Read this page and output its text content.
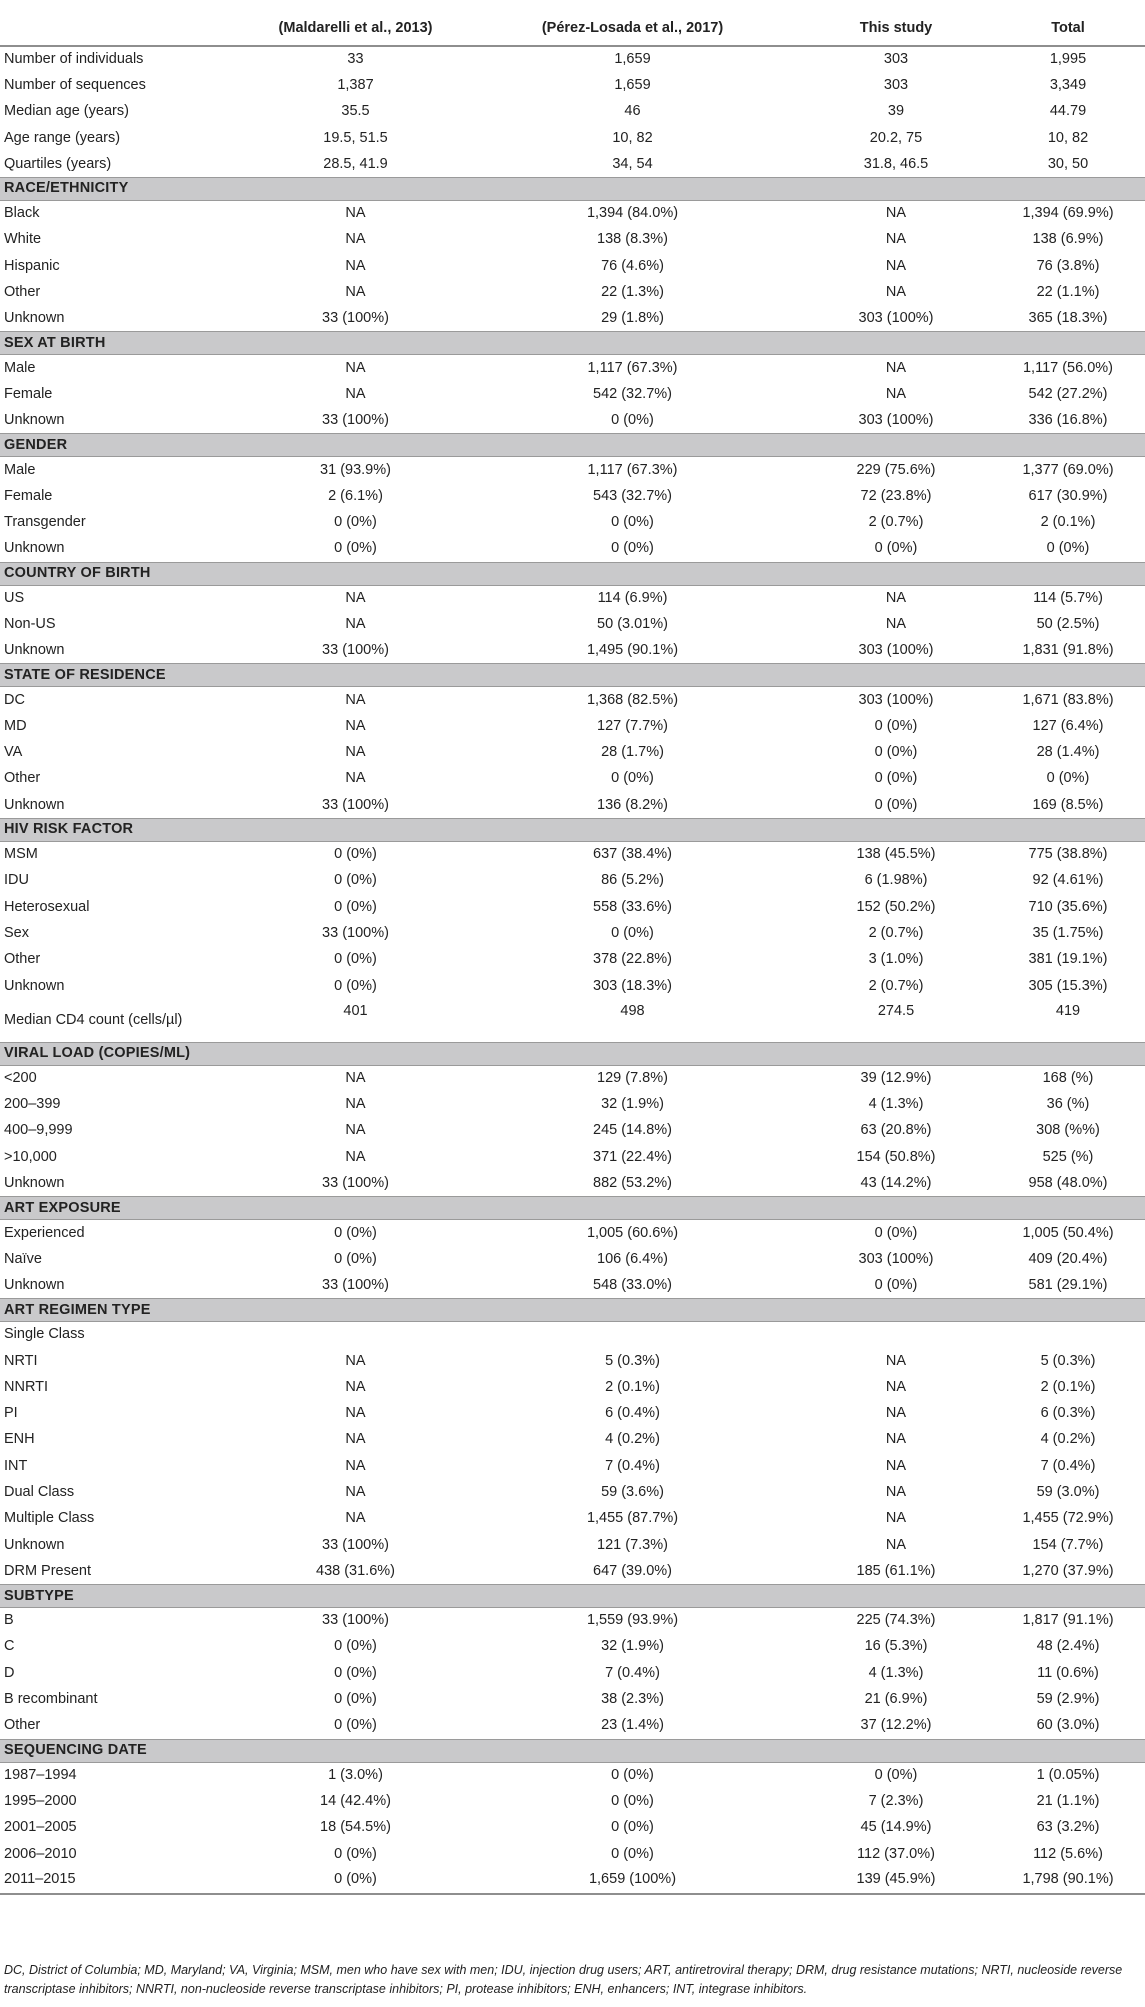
	(Maldarelli et al., 2013)	(Pérez-Losada et al., 2017)	This study	Total
Number of individuals	33	1,659	303	1,995
Number of sequences	1,387	1,659	303	3,349
Median age (years)	35.5	46	39	44.79
Age range (years)	19.5, 51.5	10, 82	20.2, 75	10, 82
Quartiles (years)	28.5, 41.9	34, 54	31.8, 46.5	30, 50
RACE/ETHNICITY				
Black	NA	1,394 (84.0%)	NA	1,394 (69.9%)
White	NA	138 (8.3%)	NA	138 (6.9%)
Hispanic	NA	76 (4.6%)	NA	76 (3.8%)
Other	NA	22 (1.3%)	NA	22 (1.1%)
Unknown	33 (100%)	29 (1.8%)	303 (100%)	365 (18.3%)
SEX AT BIRTH				
Male	NA	1,117 (67.3%)	NA	1,117 (56.0%)
Female	NA	542 (32.7%)	NA	542 (27.2%)
Unknown	33 (100%)	0 (0%)	303 (100%)	336 (16.8%)
GENDER				
Male	31 (93.9%)	1,117 (67.3%)	229 (75.6%)	1,377 (69.0%)
Female	2 (6.1%)	543 (32.7%)	72 (23.8%)	617 (30.9%)
Transgender	0 (0%)	0 (0%)	2 (0.7%)	2 (0.1%)
Unknown	0 (0%)	0 (0%)	0 (0%)	0 (0%)
COUNTRY OF BIRTH				
US	NA	114 (6.9%)	NA	114 (5.7%)
Non-US	NA	50 (3.01%)	NA	50 (2.5%)
Unknown	33 (100%)	1,495 (90.1%)	303 (100%)	1,831 (91.8%)
STATE OF RESIDENCE				
DC	NA	1,368 (82.5%)	303 (100%)	1,671 (83.8%)
MD	NA	127 (7.7%)	0 (0%)	127 (6.4%)
VA	NA	28 (1.7%)	0 (0%)	28 (1.4%)
Other	NA	0 (0%)	0 (0%)	0 (0%)
Unknown	33 (100%)	136 (8.2%)	0 (0%)	169 (8.5%)
HIV RISK FACTOR				
MSM	0 (0%)	637 (38.4%)	138 (45.5%)	775 (38.8%)
IDU	0 (0%)	86 (5.2%)	6 (1.98%)	92 (4.61%)
Heterosexual	0 (0%)	558 (33.6%)	152 (50.2%)	710 (35.6%)
Sex	33 (100%)	0 (0%)	2 (0.7%)	35 (1.75%)
Other	0 (0%)	378 (22.8%)	3 (1.0%)	381 (19.1%)
Unknown	0 (0%)	303 (18.3%)	2 (0.7%)	305 (15.3%)
Median CD4 count (cells/µl)	401	498	274.5	419
VIRAL LOAD (COPIES/ML)				
<200	NA	129 (7.8%)	39 (12.9%)	168 (%)
200–399	NA	32 (1.9%)	4 (1.3%)	36 (%)
400–9,999	NA	245 (14.8%)	63 (20.8%)	308 (%%)
>10,000	NA	371 (22.4%)	154 (50.8%)	525 (%)
Unknown	33 (100%)	882 (53.2%)	43 (14.2%)	958 (48.0%)
ART EXPOSURE				
Experienced	0 (0%)	1,005 (60.6%)	0 (0%)	1,005 (50.4%)
Naïve	0 (0%)	106 (6.4%)	303 (100%)	409 (20.4%)
Unknown	33 (100%)	548 (33.0%)	0 (0%)	581 (29.1%)
ART REGIMEN TYPE				
Single Class				
NRTI	NA	5 (0.3%)	NA	5 (0.3%)
NNRTI	NA	2 (0.1%)	NA	2 (0.1%)
PI	NA	6 (0.4%)	NA	6 (0.3%)
ENH	NA	4 (0.2%)	NA	4 (0.2%)
INT	NA	7 (0.4%)	NA	7 (0.4%)
Dual Class	NA	59 (3.6%)	NA	59 (3.0%)
Multiple Class	NA	1,455 (87.7%)	NA	1,455 (72.9%)
Unknown	33 (100%)	121 (7.3%)	NA	154 (7.7%)
DRM Present	438 (31.6%)	647 (39.0%)	185 (61.1%)	1,270 (37.9%)
SUBTYPE				
B	33 (100%)	1,559 (93.9%)	225 (74.3%)	1,817 (91.1%)
C	0 (0%)	32 (1.9%)	16 (5.3%)	48 (2.4%)
D	0 (0%)	7 (0.4%)	4 (1.3%)	11 (0.6%)
B recombinant	0 (0%)	38 (2.3%)	21 (6.9%)	59 (2.9%)
Other	0 (0%)	23 (1.4%)	37 (12.2%)	60 (3.0%)
SEQUENCING DATE				
1987–1994	1 (3.0%)	0 (0%)	0 (0%)	1 (0.05%)
1995–2000	14 (42.4%)	0 (0%)	7 (2.3%)	21 (1.1%)
2001–2005	18 (54.5%)	0 (0%)	45 (14.9%)	63 (3.2%)
2006–2010	0 (0%)	0 (0%)	112 (37.0%)	112 (5.6%)
2011–2015	0 (0%)	1,659 (100%)	139 (45.9%)	1,798 (90.1%)

DC, District of Columbia; MD, Maryland; VA, Virginia; MSM, men who have sex with men; IDU, injection drug users; ART, antiretroviral therapy; DRM, drug resistance mutations; NRTI, nucleoside reverse transcriptase inhibitors; NNRTI, non-nucleoside reverse transcriptase inhibitors; PI, protease inhibitors; ENH, enhancers; INT, integrase inhibitors.
